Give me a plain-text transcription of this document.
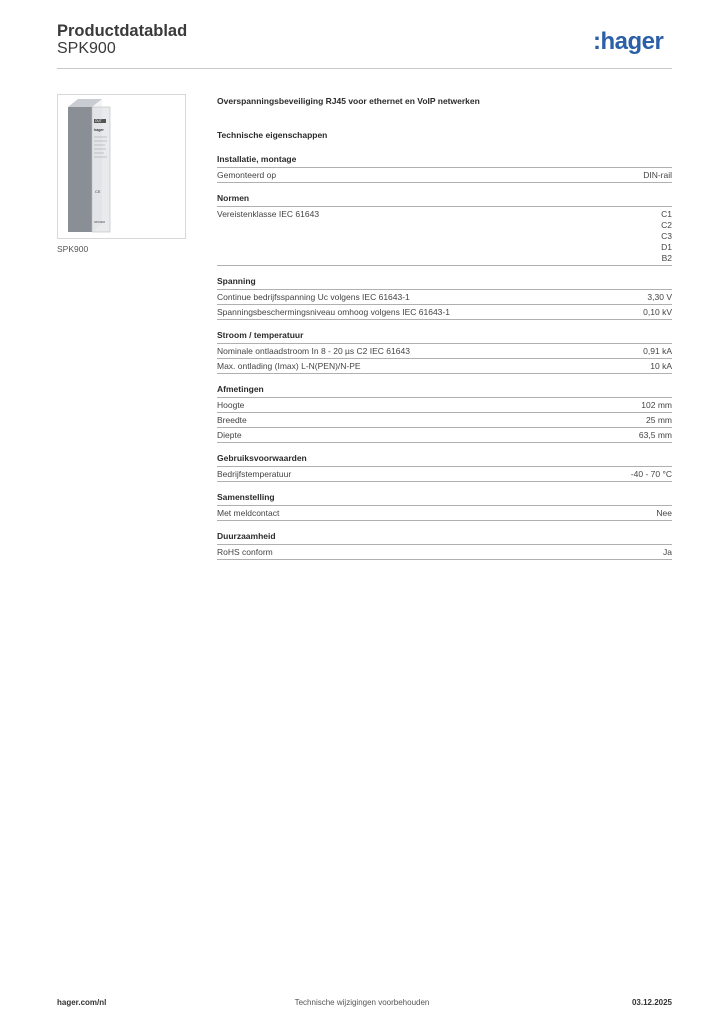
Productdatablad
SPK900	:hager
OUT
hager
CE
SPK900
SPK900
Overspanningsbeveiliging RJ45 voor ethernet en VoIP netwerken
Technische eigenschappen
Installatie, montage
Gemonteerd op	DIN-rail
Normen
Vereistenklasse IEC 61643	C1
C2
C3
D1
B2
Spanning
Continue bedrijfsspanning Uc volgens IEC 61643-1	3,30 V
Spanningsbeschermingsniveau omhoog volgens IEC 61643-1	0,10 kV
Stroom / temperatuur
Nominale ontlaadstroom In 8 - 20 µs C2 IEC 61643	0,91 kA
Max. ontlading (Imax) L-N(PEN)/N-PE	10 kA
Afmetingen
Hoogte	102 mm
Breedte	25 mm
Diepte	63,5 mm
Gebruiksvoorwaarden
Bedrijfstemperatuur	-40 - 70 °C
Samenstelling
Met meldcontact	Nee
Duurzaamheid
RoHS conform	Ja
hager.com/nl	Technische wijzigingen voorbehouden	03.12.2025
